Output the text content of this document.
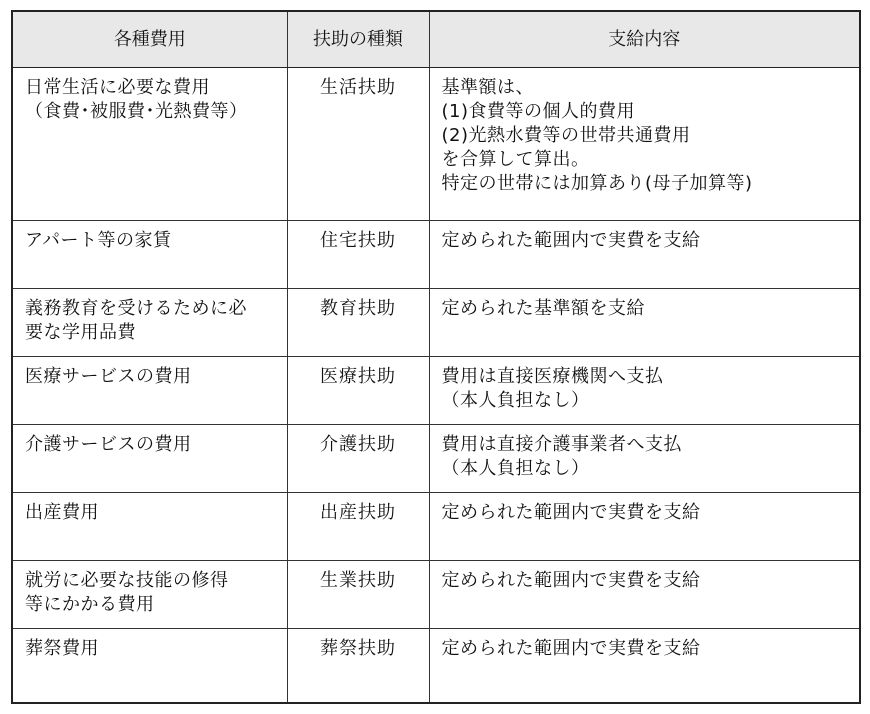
各種費用	扶助の種類	支給内容

日常生活に必要な費用
（食費･被服費･光熱費等）	生活扶助	基準額は、
(1)食費等の個人的費用
(2)光熱水費等の世帯共通費用
を合算して算出。
特定の世帯には加算あり(母子加算等)

アパート等の家賃	住宅扶助	定められた範囲内で実費を支給

義務教育を受けるために必
要な学用品費	教育扶助	定められた基準額を支給

医療サービスの費用	医療扶助	費用は直接医療機関へ支払
（本人負担なし）

介護サービスの費用	介護扶助	費用は直接介護事業者へ支払
（本人負担なし）

出産費用	出産扶助	定められた範囲内で実費を支給

就労に必要な技能の修得
等にかかる費用	生業扶助	定められた範囲内で実費を支給

葬祭費用	葬祭扶助	定められた範囲内で実費を支給
